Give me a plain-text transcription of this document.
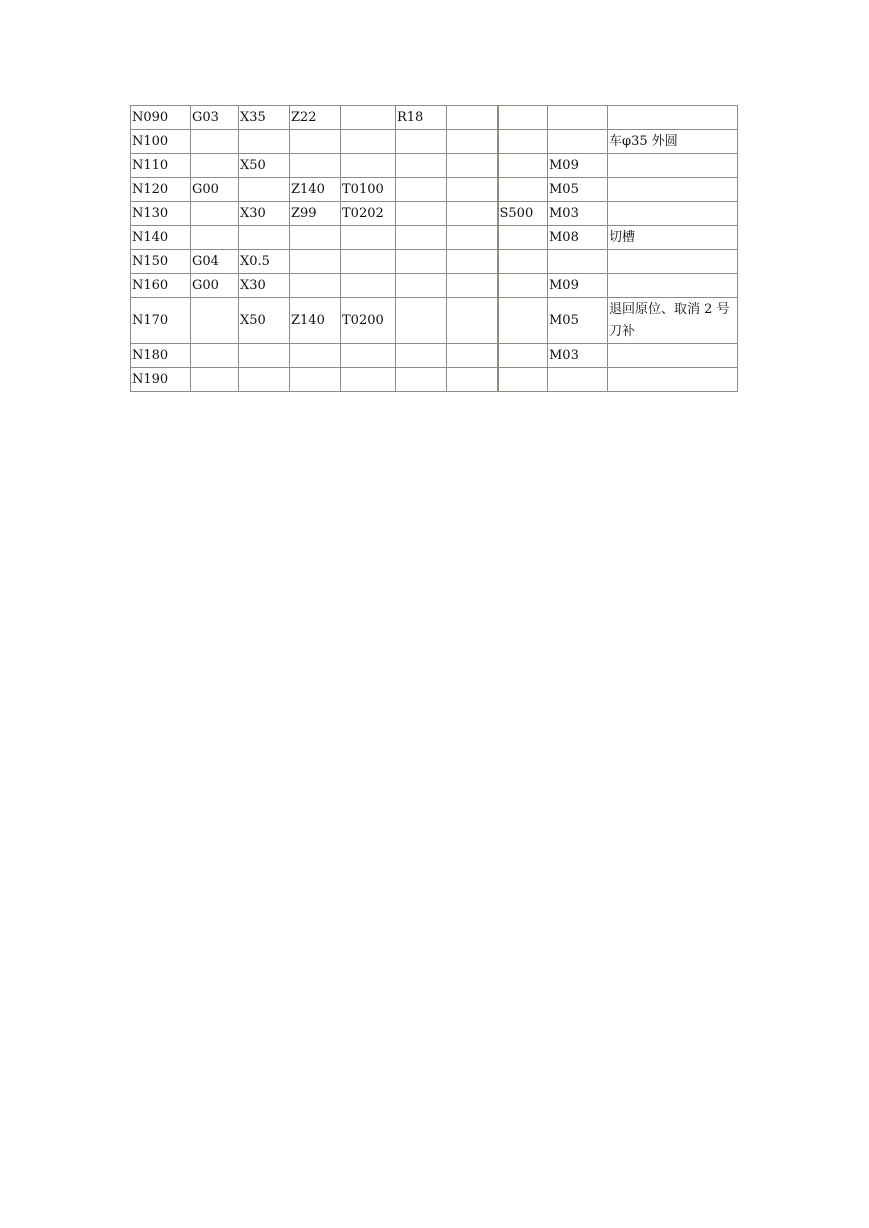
N090	G03	X35	Z22		R18				
N100									车φ35 外圆
N110		X50						M09	
N120	G00		Z140	T0100				M05	
N130		X30	Z99	T0202			S500	M03	
N140								M08	切槽
N150	G04	X0.5							
N160	G00	X30						M09	
N170		X50	Z140	T0200				M05	退回原位、取消 2 号刀补
N180								M03	
N190									
